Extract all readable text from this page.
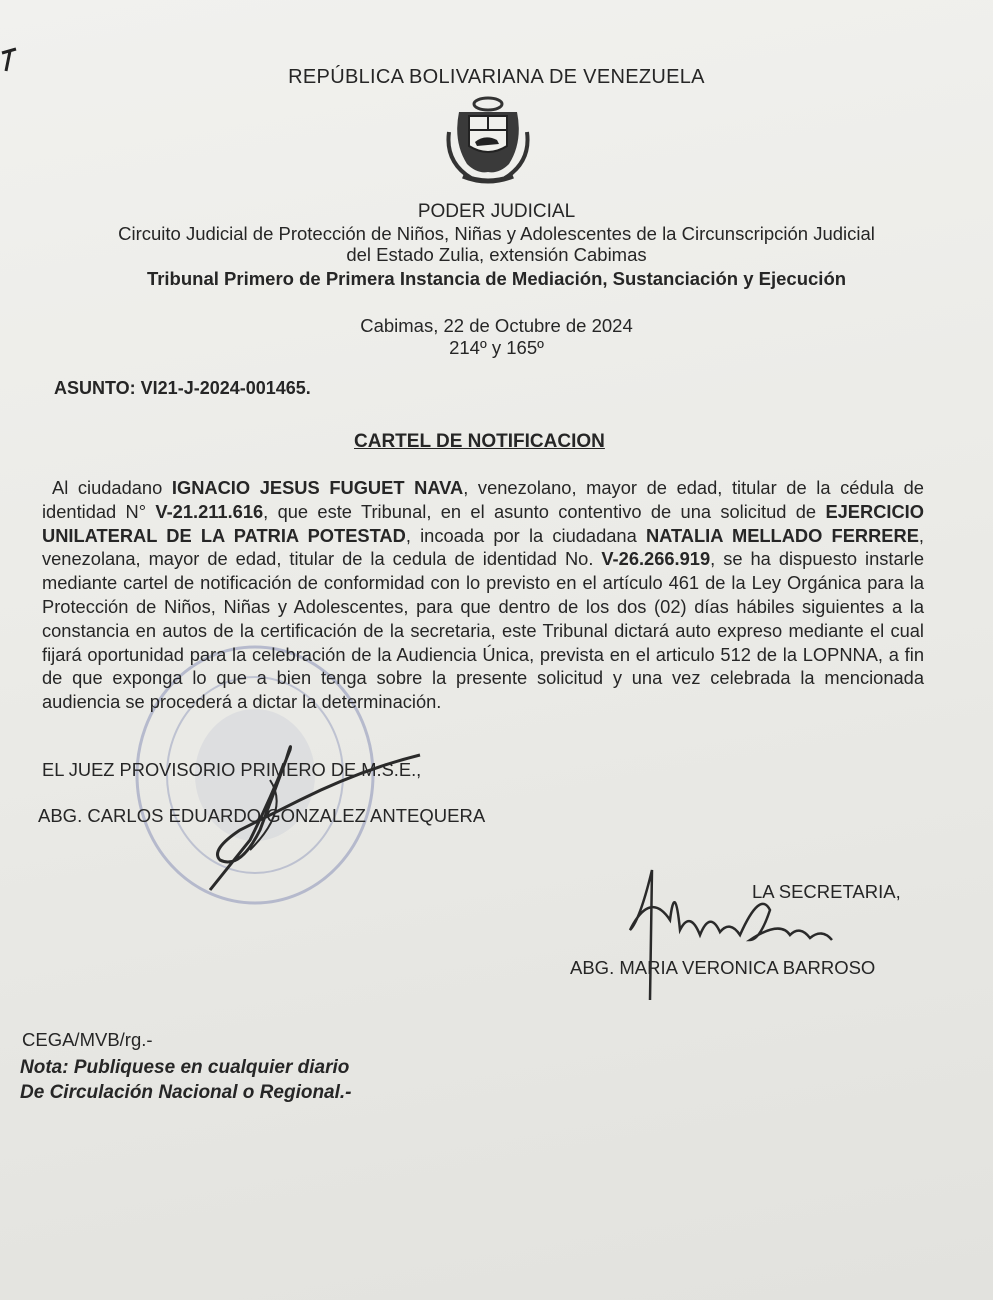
REPÚBLICA BOLIVARIANA DE VENEZUELA
PODER JUDICIAL
Circuito Judicial de Protección de Niños, Niñas y Adolescentes de la Circunscripción Judicial
del Estado Zulia, extensión Cabimas
Tribunal Primero de Primera Instancia de Mediación, Sustanciación y Ejecución
Cabimas, 22 de Octubre de 2024
214º y 165º
ASUNTO: VI21-J-2024-001465.
CARTEL DE NOTIFICACION
Al ciudadano IGNACIO JESUS FUGUET NAVA, venezolano, mayor de edad, titular de la cédula de identidad N° V-21.211.616, que este Tribunal, en el asunto contentivo de una solicitud de EJERCICIO UNILATERAL DE LA PATRIA POTESTAD, incoada por la ciudadana NATALIA MELLADO FERRERE, venezolana, mayor de edad, titular de la cedula de identidad No. V-26.266.919, se ha dispuesto instarle mediante cartel de notificación de conformidad con lo previsto en el artículo 461 de la Ley Orgánica para la Protección de Niños, Niñas y Adolescentes, para que dentro de los dos (02) días hábiles siguientes a la constancia en autos de la certificación de la secretaria, este Tribunal dictará auto expreso mediante el cual fijará oportunidad para la celebración de la Audiencia Única, prevista en el articulo 512 de la LOPNNA, a fin de que exponga lo que a bien tenga sobre la presente solicitud y una vez celebrada la mencionada audiencia se procederá a dictar la determinación.
EL JUEZ PROVISORIO PRIMERO DE M.S.E.,
ABG. CARLOS EDUARDO GONZALEZ ANTEQUERA
LA SECRETARIA,
ABG. MARIA VERONICA BARROSO
CEGA/MVB/rg.-
Nota: Publiquese en cualquier diario
De Circulación Nacional o Regional.-
